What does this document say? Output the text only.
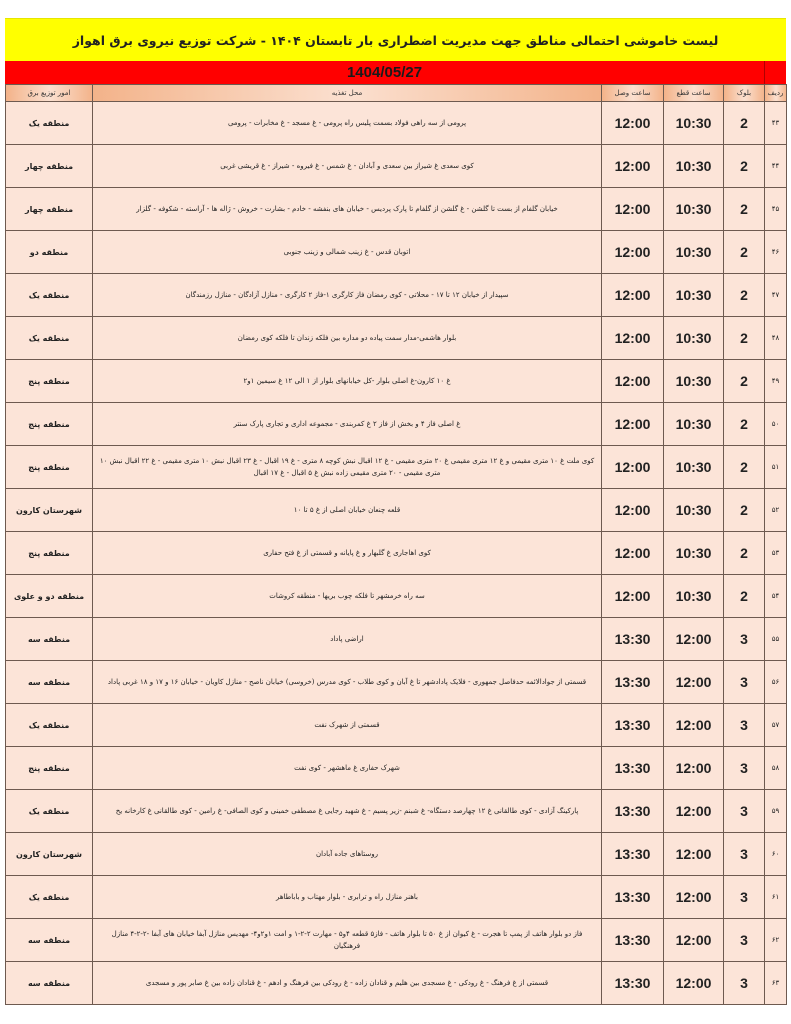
لیست خاموشی احتمالی مناطق جهت مدیریت اضطراری بار تابستان ۱۴۰۴ - شرکت توزیع نیروی برق اهواز
1404/05/27
ردیف	بلوک	ساعت قطع	ساعت وصل	محل تغذیه	امور توزیع برق
۴۳	2	10:30	12:00	پرومی از سه راهی فولاد بسمت پلیس راه پرومی - غ مسجد - غ مخابرات - پرومی	منطقه یک
۴۴	2	10:30	12:00	کوی سعدی غ شیراز بین سعدی و آبادان - غ شمس - غ فیروه - شیراز - غ قریشی غربی	منطقه چهار
۴۵	2	10:30	12:00	خیابان گلفام از بست تا گلشن - غ گلشن از گلفام تا پارک پردیس - خیابان های بنفشه - خادم - بشارت - خروش - ژاله ها - آراسته - شکوفه - گلزار	منطقه چهار
۴۶	2	10:30	12:00	اتوبان قدس - غ زینب شمالی و زینب جنوبی	منطقه دو
۴۷	2	10:30	12:00	سپیدار از خیابان ۱۲ تا ۱۷ - محلاتی - کوی رمضان فاز کارگری ۱-فاز ۲ کارگری - منازل آزادگان - منازل رزمندگان	منطقه یک
۴۸	2	10:30	12:00	بلوار هاشمی-مدار سمت پیاده دو مداره بین فلکه زندان تا فلکه کوی رمضان	منطقه یک
۴۹	2	10:30	12:00	غ ۱۰ کارون-غ اصلی بلوار -کل خیابانهای بلوار از ۱ الی ۱۲ غ سیمین ۱و۲	منطقه پنج
۵۰	2	10:30	12:00	غ اصلی فاز ۴ و بخش از فاز ۲ غ کمربندی - مجموعه اداری و تجاری پارک سنتر	منطقه پنج
۵۱	2	10:30	12:00	کوی ملت غ ۱۰ متری مقیمی و غ ۱۲ متری مقیمی غ ۲۰ متری مقیمی - غ ۱۲ اقبال نبش کوچه ۸ متری - غ ۱۹ اقبال - غ ۲۳ اقبال نبش ۱۰ متری مقیمی - غ ۲۲ اقبال نبش ۱۰ متری مقیمی - ۲۰ متری مقیمی زاده نبش غ ۵ اقبال - غ ۱۷ اقبال	منطقه پنج
۵۲	2	10:30	12:00	قلعه چنعان خیابان اصلی از غ ۵ تا ۱۰	شهرستان کارون
۵۳	2	10:30	12:00	کوی اهاجاری غ گلبهار و غ پایانه و قسمتی از غ فتح حفاری	منطقه پنج
۵۴	2	10:30	12:00	سه راه خرمشهر تا فلکه چوب بریها - منطقه کروشات	منطقه دو و علوی
۵۵	3	12:00	13:30	اراضی پاداد	منطقه سه
۵۶	3	12:00	13:30	قسمتی از جوادالائمه حدفاصل جمهوری - فلایک پادادشهر تا غ آبان و کوی طلاب - کوی مدرس (خروسی) خیابان ناصح - منازل کاویان - خیابان ۱۶ و ۱۷ و ۱۸ غربی پاداد	منطقه سه
۵۷	3	12:00	13:30	قسمتی از شهرک نفت	منطقه یک
۵۸	3	12:00	13:30	شهرک حفاری غ ماهشهر - کوی نفت	منطقه پنج
۵۹	3	12:00	13:30	پارکینگ آزادی - کوی طالقانی غ ۱۲ چهارصد دستگاه- غ شبنم -زیر پسیم - غ شهید رجایی غ مصطفی خمینی و کوی الصافی- غ رامین - کوی طالقانی غ کارخانه یخ	منطقه یک
۶۰	3	12:00	13:30	روستاهای جاده آبادان	شهرستان کارون
۶۱	3	12:00	13:30	باهنر منازل راه و ترابری - بلوار مهتاب و باباطاهر	منطقه یک
۶۲	3	12:00	13:30	فاز دو بلوار هاتف از پمپ تا هجرت - غ کیوان از غ ۵۰ تا بلوار هاتف - فاز۵ قطعه ۴و۵ - مهارت ۲-۲-۱ و امت ۱و۲و۴- مهدیس منازل آبفا خیابان های آبفا -۲-۲-۴ منازل فرهنگیان	منطقه سه
۶۳	3	12:00	13:30	قسمتی از غ فرهنگ - غ رودکی - غ مسجدی بین هلیم و قنادان زاده - غ رودکی بین فرهنگ و ادهم - غ قنادان زاده بین غ صابر پور و مسجدی	منطقه سه
